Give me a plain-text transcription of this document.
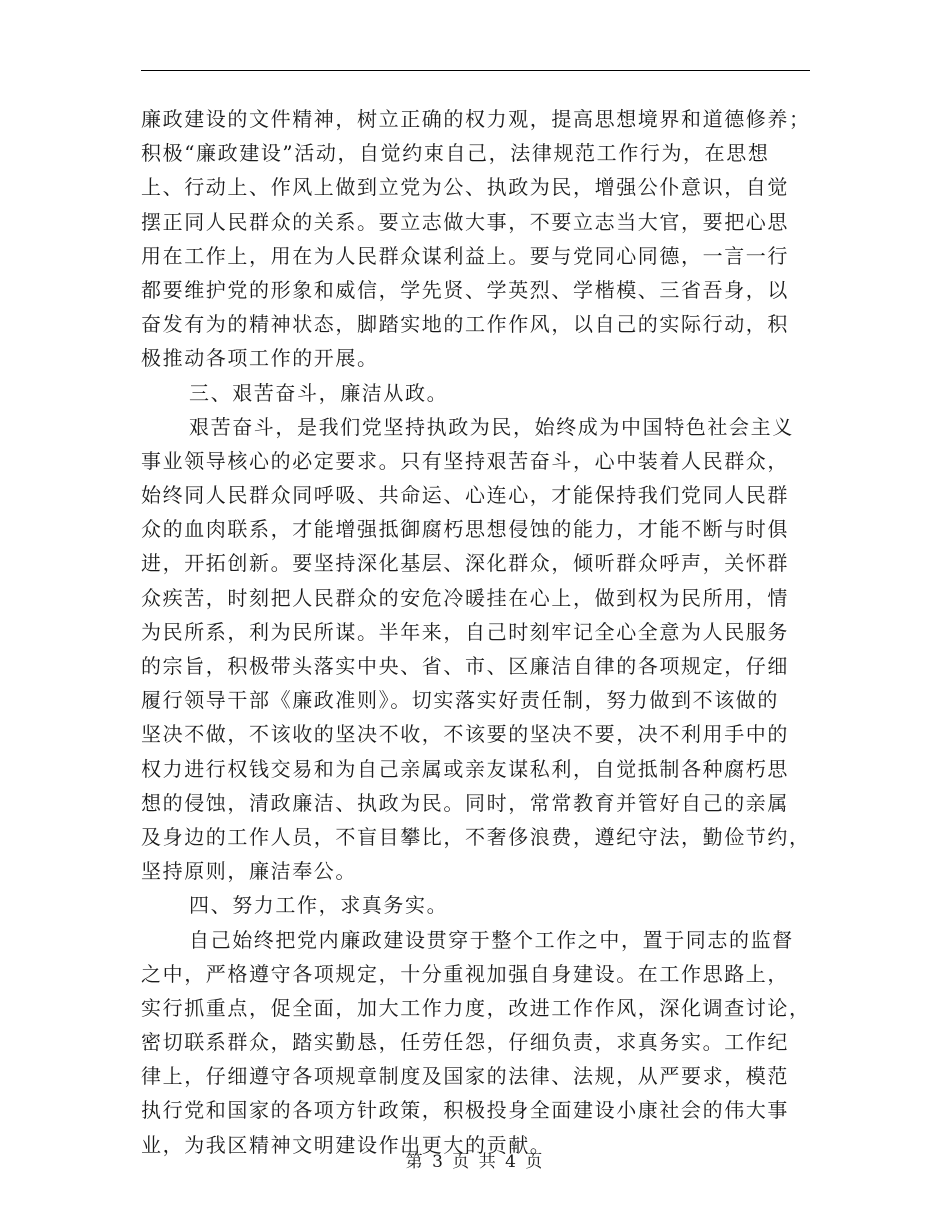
廉政建设的文件精神，树立正确的权力观，提高思想境界和道德修养；
积极“廉政建设”活动，自觉约束自己，法律规范工作行为，在思想
上、行动上、作风上做到立党为公、执政为民，增强公仆意识，自觉
摆正同人民群众的关系。要立志做大事，不要立志当大官，要把心思
用在工作上，用在为人民群众谋利益上。要与党同心同德，一言一行
都要维护党的形象和威信，学先贤、学英烈、学楷模、三省吾身，以
奋发有为的精神状态，脚踏实地的工作作风，以自己的实际行动，积
极推动各项工作的开展。
三、艰苦奋斗，廉洁从政。
艰苦奋斗，是我们党坚持执政为民，始终成为中国特色社会主义
事业领导核心的必定要求。只有坚持艰苦奋斗，心中装着人民群众，
始终同人民群众同呼吸、共命运、心连心，才能保持我们党同人民群
众的血肉联系，才能增强抵御腐朽思想侵蚀的能力，才能不断与时俱
进，开拓创新。要坚持深化基层、深化群众，倾听群众呼声，关怀群
众疾苦，时刻把人民群众的安危冷暖挂在心上，做到权为民所用，情
为民所系，利为民所谋。半年来，自己时刻牢记全心全意为人民服务
的宗旨，积极带头落实中央、省、市、区廉洁自律的各项规定，仔细
履行领导干部《廉政准则》。切实落实好责任制，努力做到不该做的
坚决不做，不该收的坚决不收，不该要的坚决不要，决不利用手中的
权力进行权钱交易和为自己亲属或亲友谋私利，自觉抵制各种腐朽思
想的侵蚀，清政廉洁、执政为民。同时，常常教育并管好自己的亲属
及身边的工作人员，不盲目攀比，不奢侈浪费，遵纪守法，勤俭节约，
坚持原则，廉洁奉公。
四、努力工作，求真务实。
自己始终把党内廉政建设贯穿于整个工作之中，置于同志的监督
之中，严格遵守各项规定，十分重视加强自身建设。在工作思路上，
实行抓重点，促全面，加大工作力度，改进工作作风，深化调查讨论，
密切联系群众，踏实勤恳，任劳任怨，仔细负责，求真务实。工作纪
律上，仔细遵守各项规章制度及国家的法律、法规，从严要求，模范
执行党和国家的各项方针政策，积极投身全面建设小康社会的伟大事
业，为我区精神文明建设作出更大的贡献。
第 3 页 共 4 页
